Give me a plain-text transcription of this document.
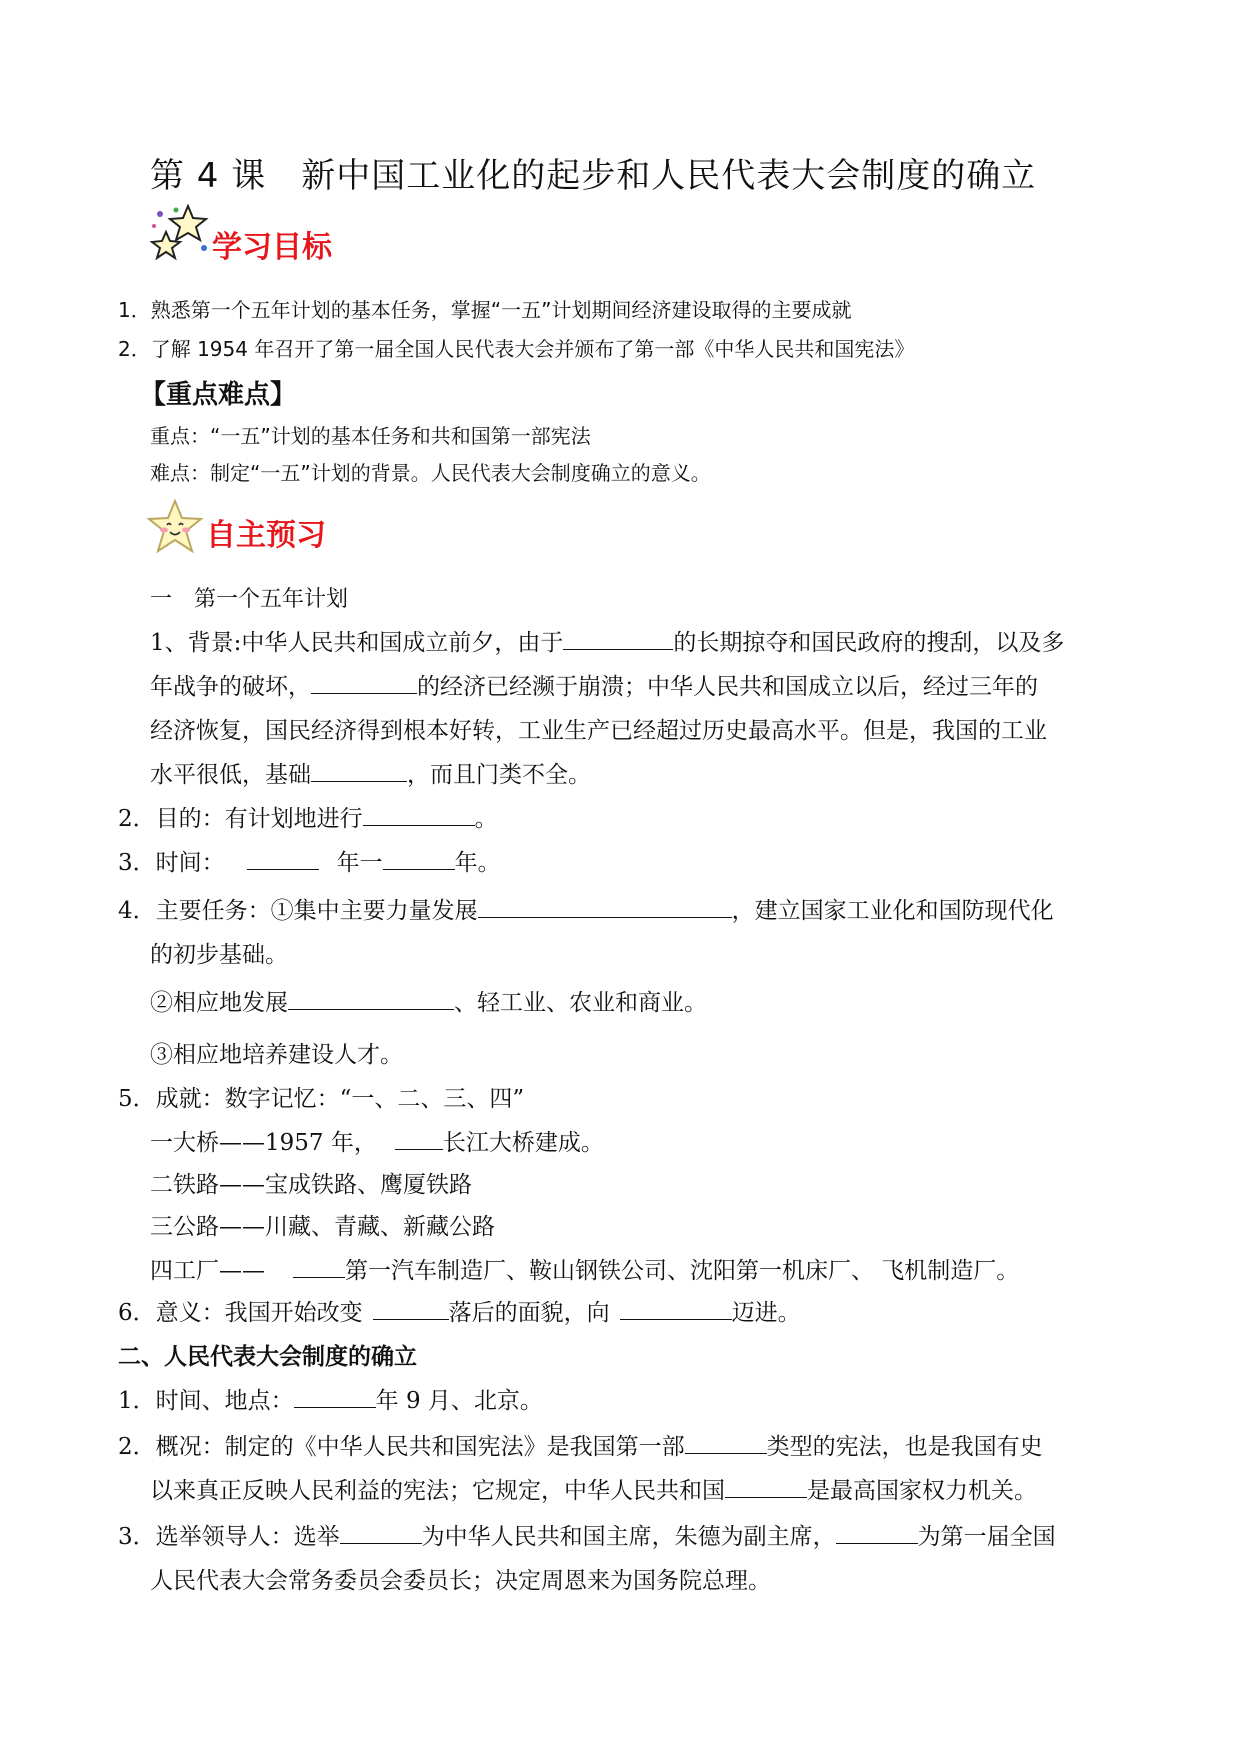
第 4 课　新中国工业化的起步和人民代表大会制度的确立
学习目标
1．熟悉第一个五年计划的基本任务，掌握“一五”计划期间经济建设取得的主要成就
2．了解 1954 年召开了第一届全国人民代表大会并颁布了第一部《中华人民共和国宪法》
【重点难点】
重点：“一五”计划的基本任务和共和国第一部宪法
难点：制定“一五”计划的背景。人民代表大会制度确立的意义。
自主预习
一　第一个五年计划
1、背景:中华人民共和国成立前夕，由于	的长期掠夺和国民政府的搜刮，以及多
年战争的破坏，	的经济已经濒于崩溃；中华人民共和国成立以后，经过三年的
经济恢复，国民经济得到根本好转，工业生产已经超过历史最高水平。但是，我国的工业
水平很低，基础	，而且门类不全。
2．目的：有计划地进行	。
3．时间：	年一	年。
4．主要任务：①集中主要力量发展	，建立国家工业化和国防现代化
的初步基础。
②相应地发展	、轻工业、农业和商业。
③相应地培养建设人才。
5．成就：数字记忆：“一、二、三、四”
一大桥——1957 年，	长江大桥建成。
二铁路——宝成铁路、鹰厦铁路
三公路——川藏、青藏、新藏公路
四工厂——	第一汽车制造厂、鞍山钢铁公司、沈阳第一机床厂、 飞机制造厂。
6．意义：我国开始改变	落后的面貌，向	迈进。
二、人民代表大会制度的确立
1．时间、地点：	年 9 月、北京。
2．概况：制定的《中华人民共和国宪法》是我国第一部	类型的宪法，也是我国有史
以来真正反映人民利益的宪法；它规定，中华人民共和国	是最高国家权力机关。
3．选举领导人：选举	为中华人民共和国主席，朱德为副主席，	为第一届全国
人民代表大会常务委员会委员长；决定周恩来为国务院总理。
